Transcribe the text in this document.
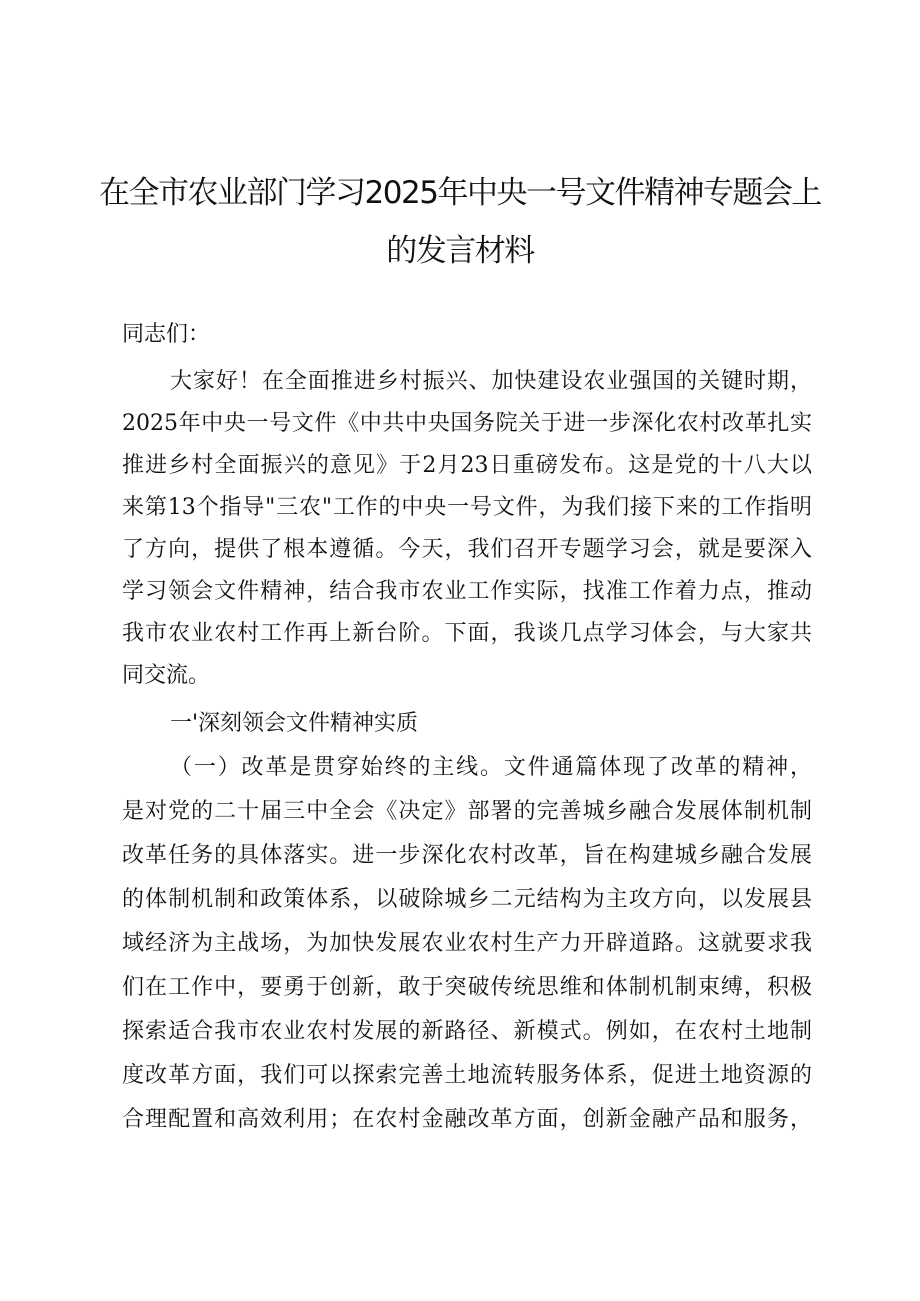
在全市农业部门学习2025年中央一号文件精神专题会上
的发言材料
同志们：
大家好！在全面推进乡村振兴、加快建设农业强国的关键时期，
2025年中央一号文件《中共中央国务院关于进一步深化农村改革扎实
推进乡村全面振兴的意见》于2月23日重磅发布。这是党的十八大以
来第13个指导"三农"工作的中央一号文件，为我们接下来的工作指明
了方向，提供了根本遵循。今天，我们召开专题学习会，就是要深入
学习领会文件精神，结合我市农业工作实际，找准工作着力点，推动
我市农业农村工作再上新台阶。下面，我谈几点学习体会，与大家共
同交流。
一'深刻领会文件精神实质
（一）改革是贯穿始终的主线。文件通篇体现了改革的精神，
是对党的二十届三中全会《决定》部署的完善城乡融合发展体制机制
改革任务的具体落实。进一步深化农村改革，旨在构建城乡融合发展
的体制机制和政策体系，以破除城乡二元结构为主攻方向，以发展县
域经济为主战场，为加快发展农业农村生产力开辟道路。这就要求我
们在工作中，要勇于创新，敢于突破传统思维和体制机制束缚，积极
探索适合我市农业农村发展的新路径、新模式。例如，在农村土地制
度改革方面，我们可以探索完善土地流转服务体系，促进土地资源的
合理配置和高效利用；在农村金融改革方面，创新金融产品和服务，
